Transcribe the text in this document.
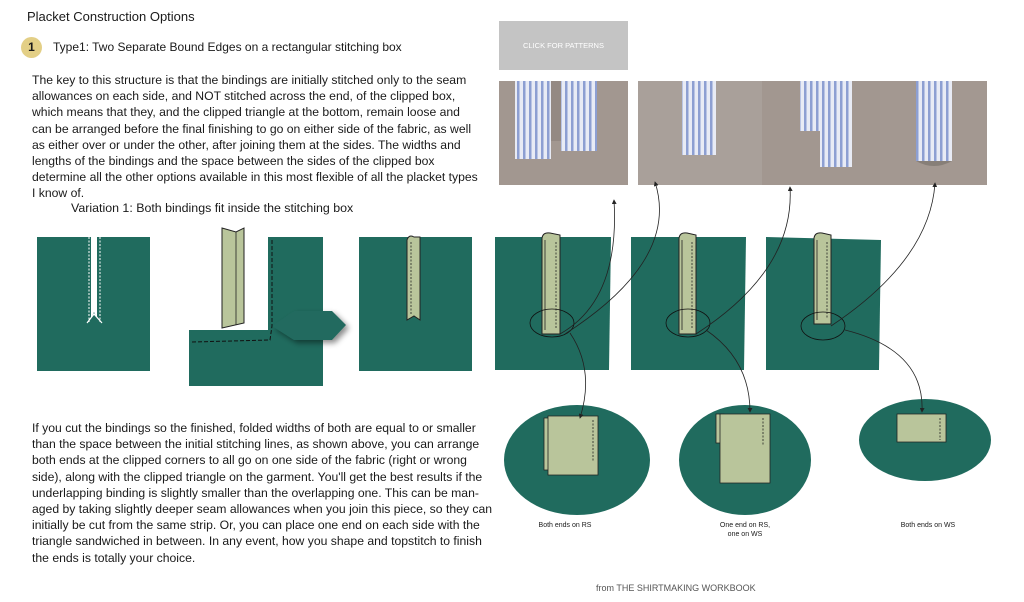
Placket Construction Options
1	Type1: Two Separate Bound Edges on a rectangular stitching box
The key to this structure is that the bindings are initially stitched only to the seam allowances on each side, and NOT stitched across the end, of the clipped box, which means that they, and the clipped triangle at the bottom, remain loose and can be arranged before the final finishing to go on either side of the fabric, as well as either over or under the other, after joining them at the sides. The widths and lengths of the bindings and the space between the sides of the clipped box determine all the other options available in this most flexible of all the placket types I know of.
Variation 1: Both bindings fit inside the stitching box
If you cut the bindings so the finished, folded widths of both are equal to or smaller than the space between the initial stitching lines, as shown above, you can arrange both ends at the clipped corners to all go on one side of the fabric (right or wrong side), along with the clipped triangle on the garment. You'll get the best results if the underlapping binding is slightly smaller than the overlapping one. This can be man-aged by taking slightly deeper seam allowances when you join this piece, so they can initially be cut from the same strip. Or, you can place one end on each side with the triangle sandwiched in between. In any event, how you shape and topstitch to finish the ends is totally your choice.
CLICK FOR PATTERNS
Both ends on RS	One end on RS,
one on WS
Both ends on WS
from THE SHIRTMAKING WORKBOOK
